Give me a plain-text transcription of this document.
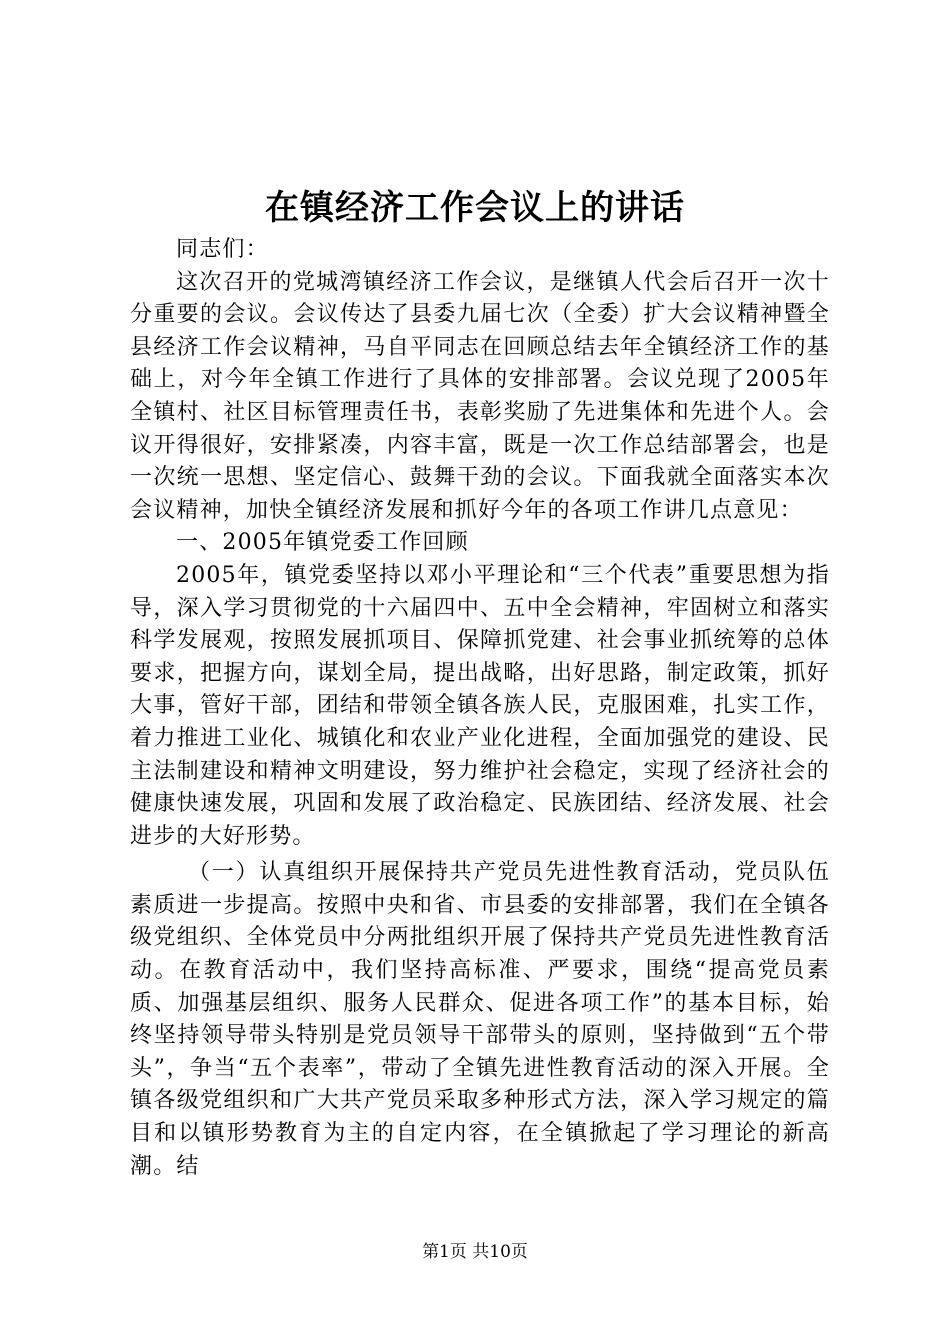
在镇经济工作会议上的讲话

同志们：

这次召开的党城湾镇经济工作会议，是继镇人代会后召开一次十分重要的会议。会议传达了县委九届七次（全委）扩大会议精神暨全县经济工作会议精神，马自平同志在回顾总结去年全镇经济工作的基础上，对今年全镇工作进行了具体的安排部署。会议兑现了2005年全镇村、社区目标管理责任书，表彰奖励了先进集体和先进个人。会议开得很好，安排紧凑，内容丰富，既是一次工作总结部署会，也是一次统一思想、坚定信心、鼓舞干劲的会议。下面我就全面落实本次会议精神，加快全镇经济发展和抓好今年的各项工作讲几点意见：

一、2005年镇党委工作回顾

2005年，镇党委坚持以邓小平理论和“三个代表”重要思想为指导，深入学习贯彻党的十六届四中、五中全会精神，牢固树立和落实科学发展观，按照发展抓项目、保障抓党建、社会事业抓统筹的总体要求，把握方向，谋划全局，提出战略，出好思路，制定政策，抓好大事，管好干部，团结和带领全镇各族人民，克服困难，扎实工作，着力推进工业化、城镇化和农业产业化进程，全面加强党的建设、民主法制建设和精神文明建设，努力维护社会稳定，实现了经济社会的健康快速发展，巩固和发展了政治稳定、民族团结、经济发展、社会进步的大好形势。

（一）认真组织开展保持共产党员先进性教育活动，党员队伍素质进一步提高。按照中央和省、市县委的安排部署，我们在全镇各级党组织、全体党员中分两批组织开展了保持共产党员先进性教育活动。在教育活动中，我们坚持高标准、严要求，围绕“提高党员素质、加强基层组织、服务人民群众、促进各项工作”的基本目标，始终坚持领导带头特别是党员领导干部带头的原则，坚持做到“五个带头”，争当“五个表率”，带动了全镇先进性教育活动的深入开展。全镇各级党组织和广大共产党员采取多种形式方法，深入学习规定的篇目和以镇形势教育为主的自定内容，在全镇掀起了学习理论的新高潮。结

第1页 共10页
